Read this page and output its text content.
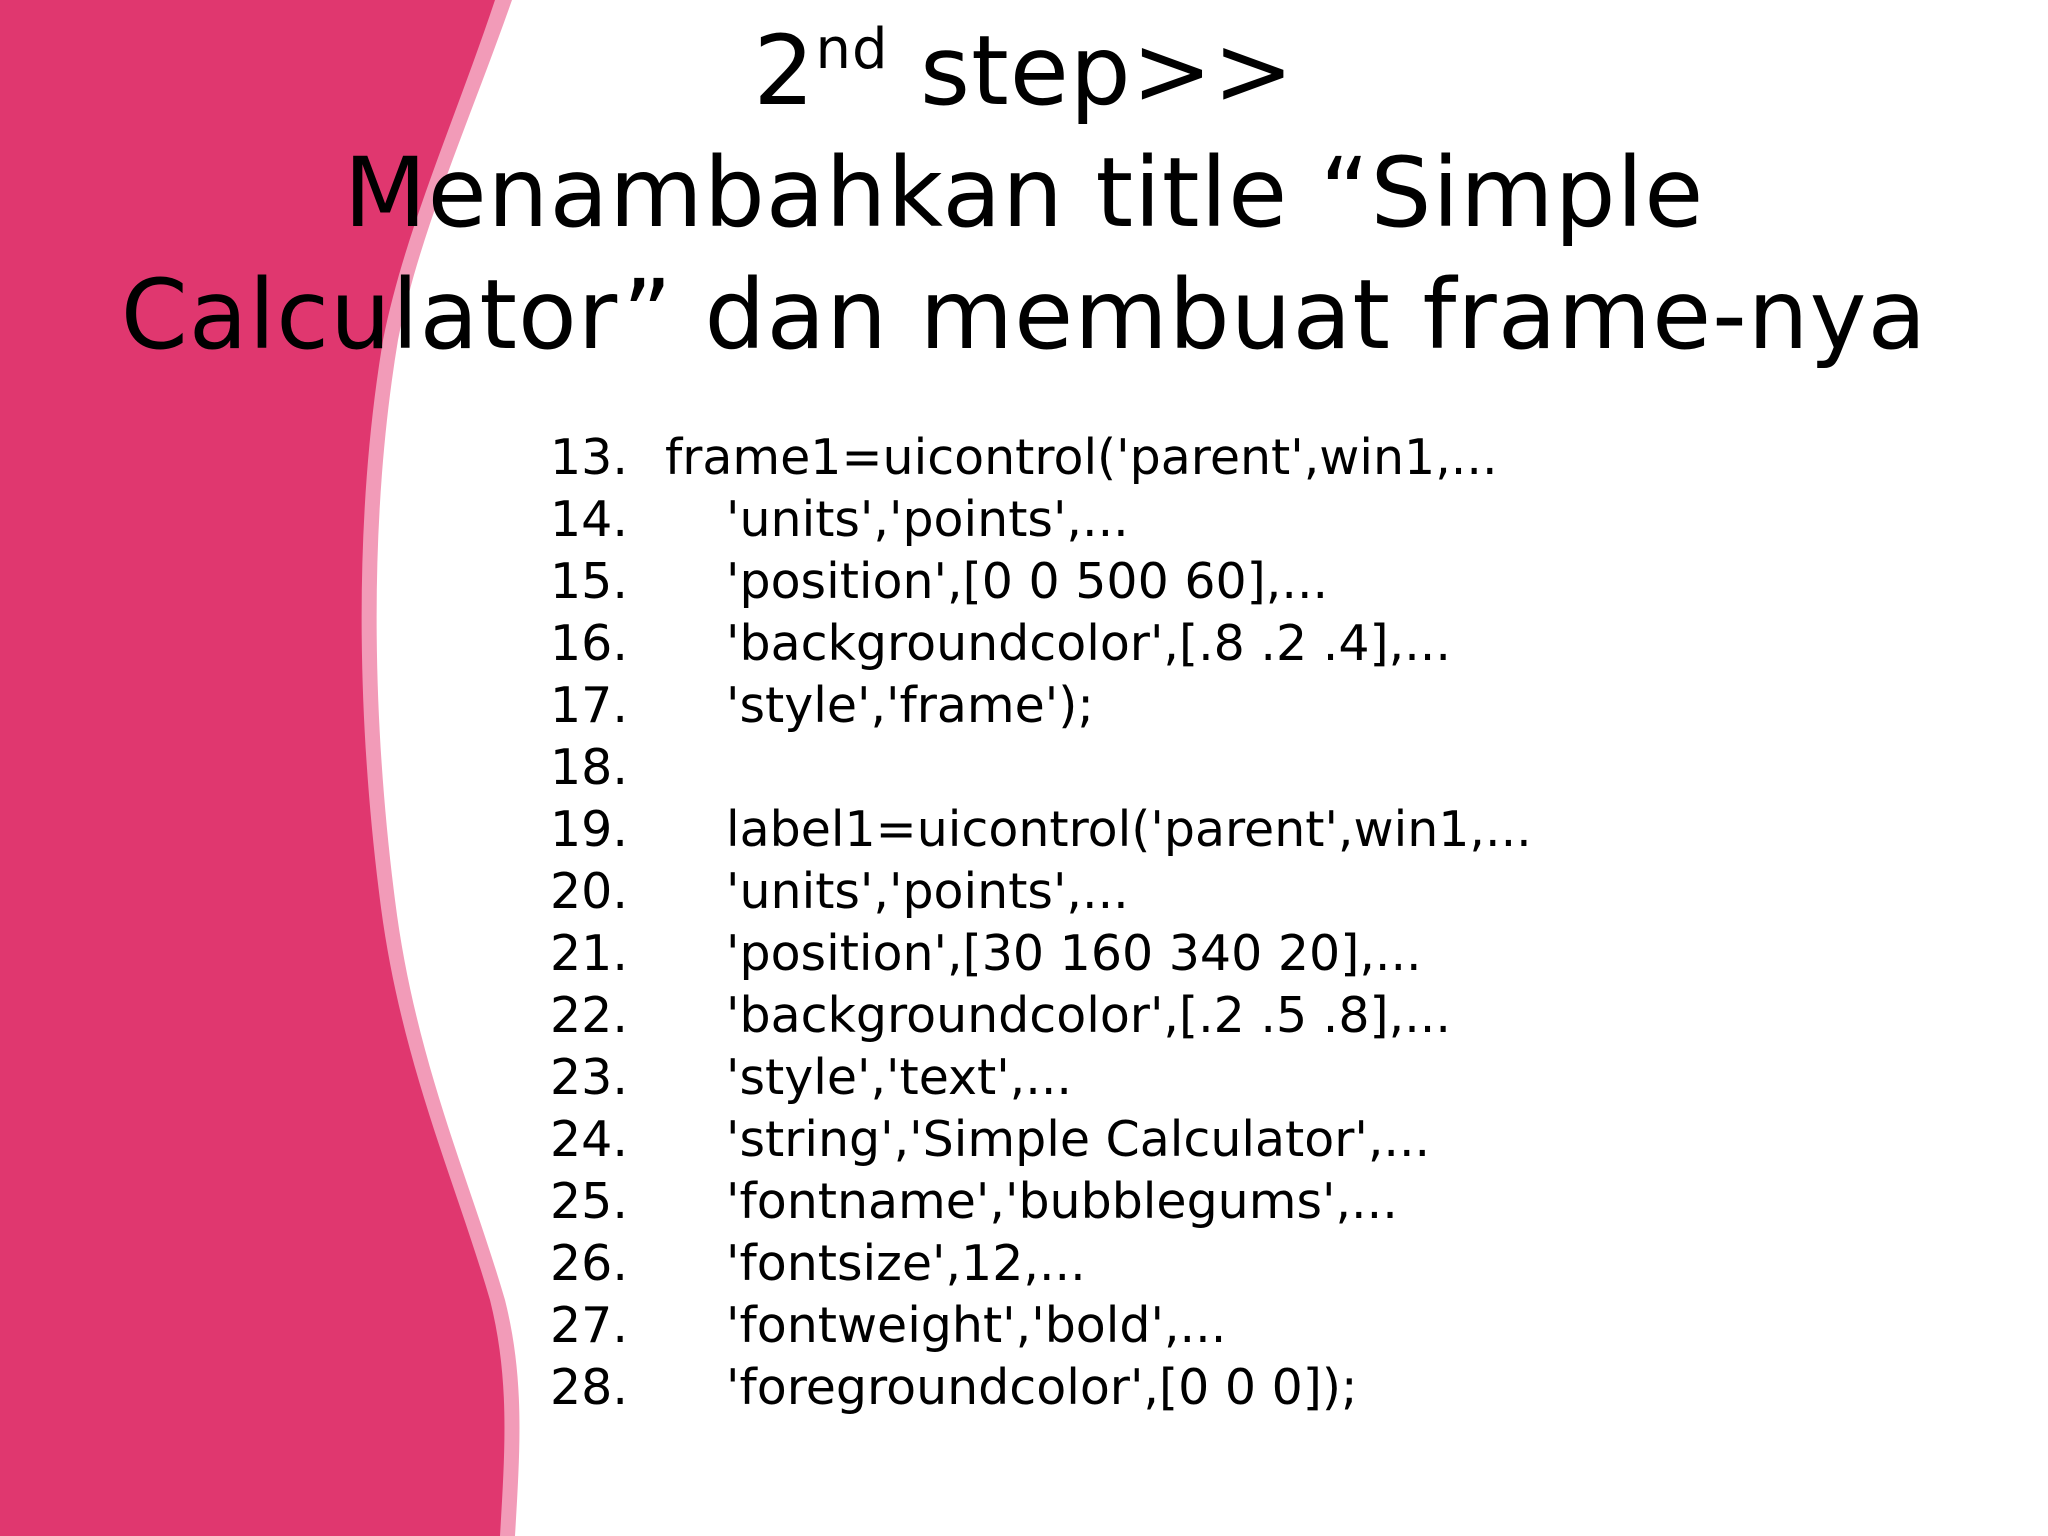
2nd step>>
Menambahkan title “Simple
Calculator” dan membuat frame-nya
13. frame1=uicontrol('parent',win1,...
14. 'units','points',...
15. 'position',[0 0 500 60],...
16. 'backgroundcolor',[.8 .2 .4],...
17. 'style','frame');
18.
19. label1=uicontrol('parent',win1,...
20. 'units','points',...
21. 'position',[30 160 340 20],...
22. 'backgroundcolor',[.2 .5 .8],...
23. 'style','text',...
24. 'string','Simple Calculator',...
25. 'fontname','bubblegums',...
26. 'fontsize',12,...
27. 'fontweight','bold',...
28. 'foregroundcolor',[0 0 0]);
